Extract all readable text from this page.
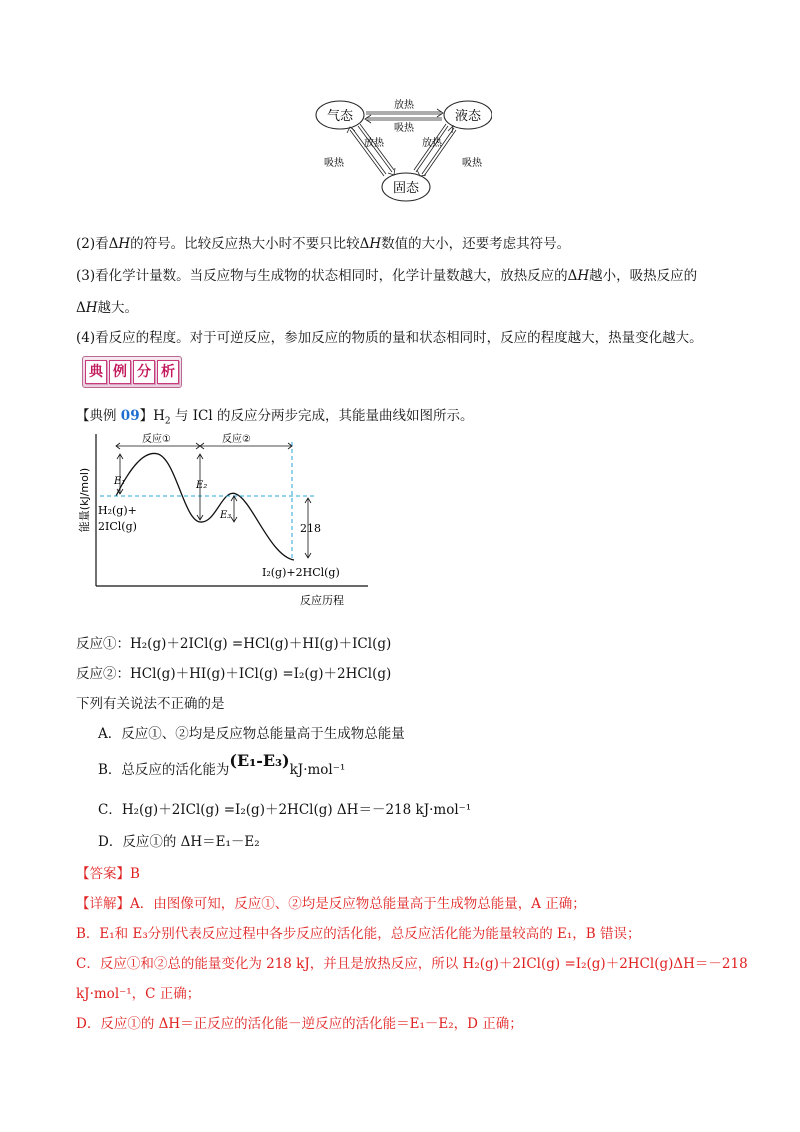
气态	液态
固态
放热
吸热
吸热
放热	放热
吸热
(2)看ΔH的符号。比较反应热大小时不要只比较ΔH数值的大小，还要考虑其符号。
(3)看化学计量数。当反应物与生成物的状态相同时，化学计量数越大，放热反应的ΔH越小，吸热反应的
ΔH越大。
(4)看反应的程度。对于可逆反应，参加反应的物质的量和状态相同时，反应的程度越大，热量变化越大。
典 例 分 析
【典例 09】$H_2$ 与 ICl 的反应分两步完成，其能量曲线如图所示。
能量(kJ/mol)
反应历程
反应①	反应②
E₁	E₂
E₃
218
H₂(g)+
2ICl(g)
I₂(g)+2HCl(g)
反应①：H₂(g)＋2ICl(g) =HCl(g)＋HI(g)＋ICl(g)
反应②：HCl(g)＋HI(g)＋ICl(g) =I₂(g)＋2HCl(g)
下列有关说法不正确的是
A．反应①、②均是反应物总能量高于生成物总能量
B．总反应的活化能为(E₁-E₃)kJ·mol⁻¹
C．H₂(g)＋2ICl(g) =I₂(g)＋2HCl(g) ΔH＝－218 kJ·mol⁻¹
D．反应①的 ΔH＝E₁－E₂
【答案】B
【详解】A．由图像可知，反应①、②均是反应物总能量高于生成物总能量，A 正确；
B．E₁和 E₃分别代表反应过程中各步反应的活化能，总反应活化能为能量较高的 E₁，B 错误；
C．反应①和②总的能量变化为 218 kJ，并且是放热反应，所以 H₂(g)＋2ICl(g) =I₂(g)＋2HCl(g)ΔH＝－218
kJ·mol⁻¹，C 正确；
D．反应①的 ΔH＝正反应的活化能－逆反应的活化能＝E₁－E₂，D 正确；
